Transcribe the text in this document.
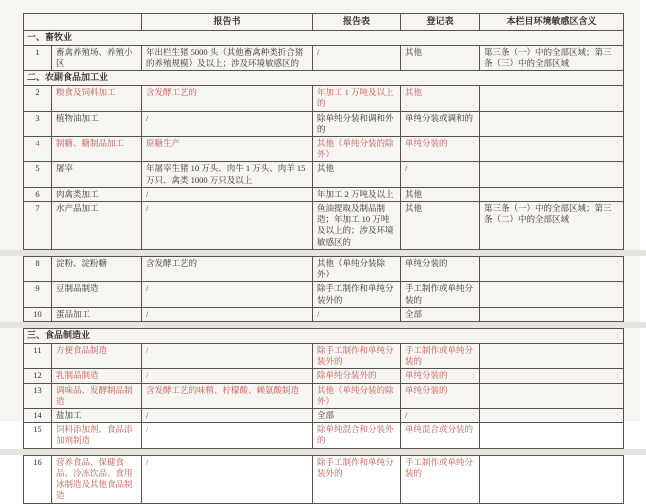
		报告书	报告表	登记表	本栏目环境敏感区含义
一、畜牧业					
1	畜禽养殖场、养殖小区	年出栏生猪 5000 头（其他畜禽种类折合猪的养殖规模）及以上；涉及环境敏感区的	/	其他	第三条（一）中的全部区域；第三条（三）中的全部区域
二、农副食品加工业					
2	粮食及饲料加工	含发酵工艺的	年加工 1 万吨及以上的	其他	
3	植物油加工	/	除单纯分装和调和外的	单纯分装或调和的	
4	制糖、糖制品加工	原糖生产	其他（单纯分装的除外）	单纯分装的	
5	屠宰	年屠宰生猪 10 万头、肉牛 1 万头、肉羊 15 万只、禽类 1000 万只及以上	其他	/	
6	肉禽类加工	/	年加工 2 万吨及以上	其他	
7	水产品加工	/	鱼油提取及制品制造；年加工 10 万吨及以上的；涉及环境敏感区的	其他	第三条（一）中的全部区域；第三条（二）中的全部区域
8	淀粉、淀粉糖	含发酵工艺的	其他（单纯分装除外）	单纯分装的	
9	豆制品制造	/	除手工制作和单纯分装外的	手工制作或单纯分装的	
10	蛋品加工	/	/	全部	
三、食品制造业					
11	方便食品制造	/	除手工制作和单纯分装外的	手工制作或单纯分装的	
12	乳制品制造	/	除单纯分装外的	单纯分装的	
13	调味品、发酵制品制造	含发酵工艺的味精、柠檬酸、赖氨酸制造	其他（单纯分装的除外）	单纯分装的	
14	盐加工	/	全部	/	
15	饲料添加剂、食品添加剂制造	/	除单纯混合和分装外的	单纯混合或分装的	
16	营养食品、保健食品、冷冻饮品、食用冰制造及其他食品制造	/	除手工制作和单纯分装外的	手工制作或单纯分装的	
